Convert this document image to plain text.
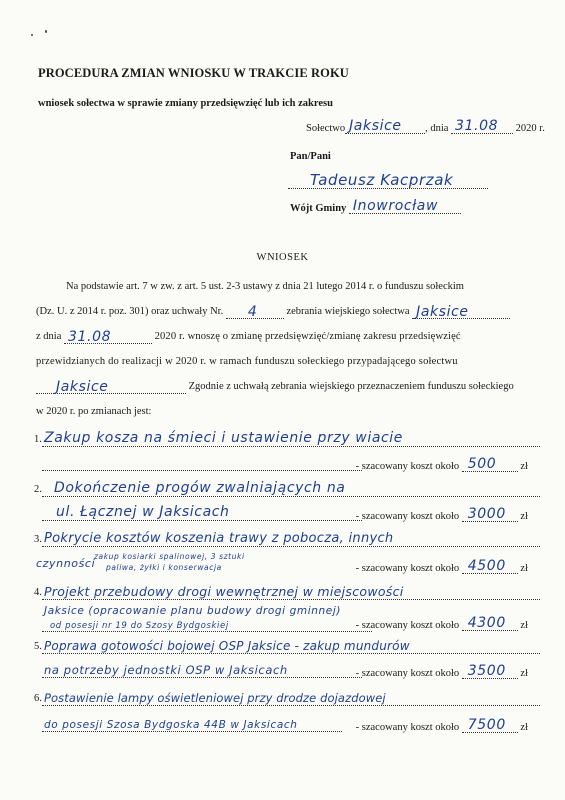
PROCEDURA ZMIAN WNIOSKU W TRAKCIE ROKU
wniosek sołectwa w sprawie zmiany przedsięwzięć lub ich zakresu
Sołectwo Jaksice , dnia 31.08 2020 r.
Pan/Pani
Tadeusz Kacprzak
Wójt Gminy Inowrocław
WNIOSEK
Na podstawie art. 7 w zw. z art. 5 ust. 2-3 ustawy z dnia 21 lutego 2014 r. o funduszu sołeckim
(Dz. U. z 2014 r. poz. 301) oraz uchwały Nr. 4	zebrania wiejskiego sołectwa Jaksice
z dnia 31.08	2020 r. wnoszę o zmianę przedsięwzięć/zmianę zakresu przedsięwzięć
przewidzianych do realizacji w 2020 r. w ramach funduszu sołeckiego przypadającego sołectwu
Jaksice	Zgodnie z uchwałą zebrania wiejskiego przeznaczeniem funduszu sołeckiego
w 2020 r. po zmianach jest:
1. Zakup kosza na śmieci i ustawienie przy wiacie
- szacowany koszt około 500 zł
2. Dokończenie progów zwalniających na
ul. Łącznej w Jaksicach	- szacowany koszt około 3000 zł
3. Pokrycie kosztów koszenia trawy z pobocza, innych
czynności
zakup kosiarki spalinowej, 3 sztuki
paliwa, żyłki i konserwacja	- szacowany koszt około 4500 zł
4. Projekt przebudowy drogi wewnętrznej w miejscowości
Jaksice (opracowanie planu budowy drogi gminnej)
od posesji nr 19 do Szosy Bydgoskiej	- szacowany koszt około 4300 zł
5. Poprawa gotowości bojowej OSP Jaksice - zakup mundurów
na potrzeby jednostki OSP w Jaksicach	- szacowany koszt około 3500 zł
6. Postawienie lampy oświetleniowej przy drodze dojazdowej
do posesji Szosa Bydgoska 44B w Jaksicach	- szacowany koszt około 7500 zł
